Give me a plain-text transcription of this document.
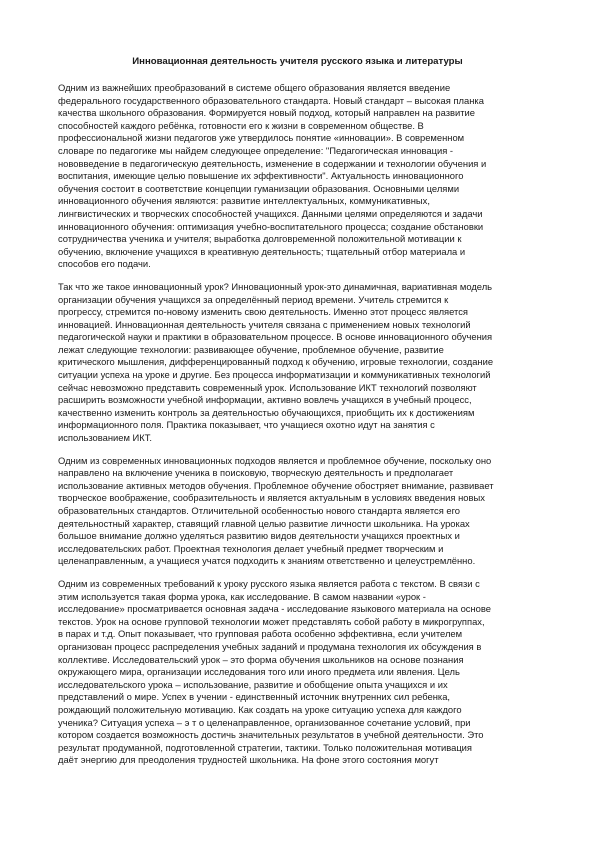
Инновационная деятельность учителя русского языка и литературы

Одним из важнейших преобразований в системе общего образования является введение
федерального государственного образовательного стандарта. Новый стандарт – высокая планка
качества школьного образования. Формируется новый подход, который направлен на развитие
способностей каждого ребёнка, готовности его к жизни в современном обществе. В
профессиональной жизни педагогов уже утвердилось понятие «инновации». В современном
словаре по педагогике мы найдем следующее определение: "Педагогическая инновация -
нововведение в педагогическую деятельность, изменение в содержании и технологии обучения и
воспитания, имеющие целью повышение их эффективности". Актуальность инновационного
обучения состоит в соответствие концепции гуманизации образования. Основными целями
инновационного обучения являются: развитие интеллектуальных, коммуникативных,
лингвистических и творческих способностей учащихся. Данными целями определяются и задачи
инновационного обучения: оптимизация учебно-воспитательного процесса; создание обстановки
сотрудничества ученика и учителя; выработка долговременной положительной мотивации к
обучению, включение учащихся в креативную деятельность; тщательный отбор материала и
способов его подачи.

Так что же такое инновационный урок? Инновационный урок-это динамичная, вариативная модель
организации обучения учащихся за определённый период времени. Учитель стремится к
прогрессу, стремится по-новому изменить свою деятельность. Именно этот процесс является
инновацией. Инновационная деятельность учителя связана с применением новых технологий
педагогической науки и практики в образовательном процессе. В основе инновационного обучения
лежат следующие технологии: развивающее обучение, проблемное обучение, развитие
критического мышления, дифференцированный подход к обучению, игровые технологии, создание
ситуации успеха на уроке и другие. Без процесса информатизации и коммуникативных технологий
сейчас невозможно представить современный урок. Использование ИКТ технологий позволяют
расширить возможности учебной информации, активно вовлечь учащихся в учебный процесс,
качественно изменить контроль за деятельностью обучающихся, приобщить их к достижениям
информационного поля. Практика показывает, что учащиеся охотно идут на занятия с
использованием ИКТ.

Одним из современных инновационных подходов является и проблемное обучение, поскольку оно
направлено на включение ученика в поисковую, творческую деятельность и предполагает
использование активных методов обучения. Проблемное обучение обостряет внимание, развивает
творческое воображение, сообразительность и является актуальным в условиях введения новых
образовательных стандартов. Отличительной особенностью нового стандарта является его
деятельностный характер, ставящий главной целью развитие личности школьника. На уроках
большое внимание должно уделяться развитию видов деятельности учащихся проектных и
исследовательских работ. Проектная технология делает учебный предмет творческим и
целенаправленным, а учащиеся учатся подходить к знаниям ответственно и целеустремлённо.

Одним из современных требований к уроку русского языка является работа с текстом. В связи с
этим используется такая форма урока, как исследование. В самом названии «урок -
исследование» просматривается основная задача - исследование языкового материала на основе
текстов. Урок на основе групповой технологии может представлять собой работу в микрогруппах,
в парах и т.д. Опыт показывает, что групповая работа особенно эффективна, если учителем
организован процесс распределения учебных заданий и продумана технология их обсуждения в
коллективе. Исследовательский урок – это форма обучения школьников на основе познания
окружающего мира, организации исследования того или иного предмета или явления. Цель
исследовательского урока – использование, развитие и обобщение опыта учащихся и их
представлений о мире. Успех в учении - единственный источник внутренних сил ребенка,
рождающий положительную мотивацию. Как создать на уроке ситуацию успеха для каждого
ученика? Ситуация успеха – э т о целенаправленное, организованное сочетание условий, при
котором создается возможность достичь значительных результатов в учебной деятельности. Это
результат продуманной, подготовленной стратегии, тактики. Только положительная мотивация
даёт энергию для преодоления трудностей школьника. На фоне этого состояния могут
